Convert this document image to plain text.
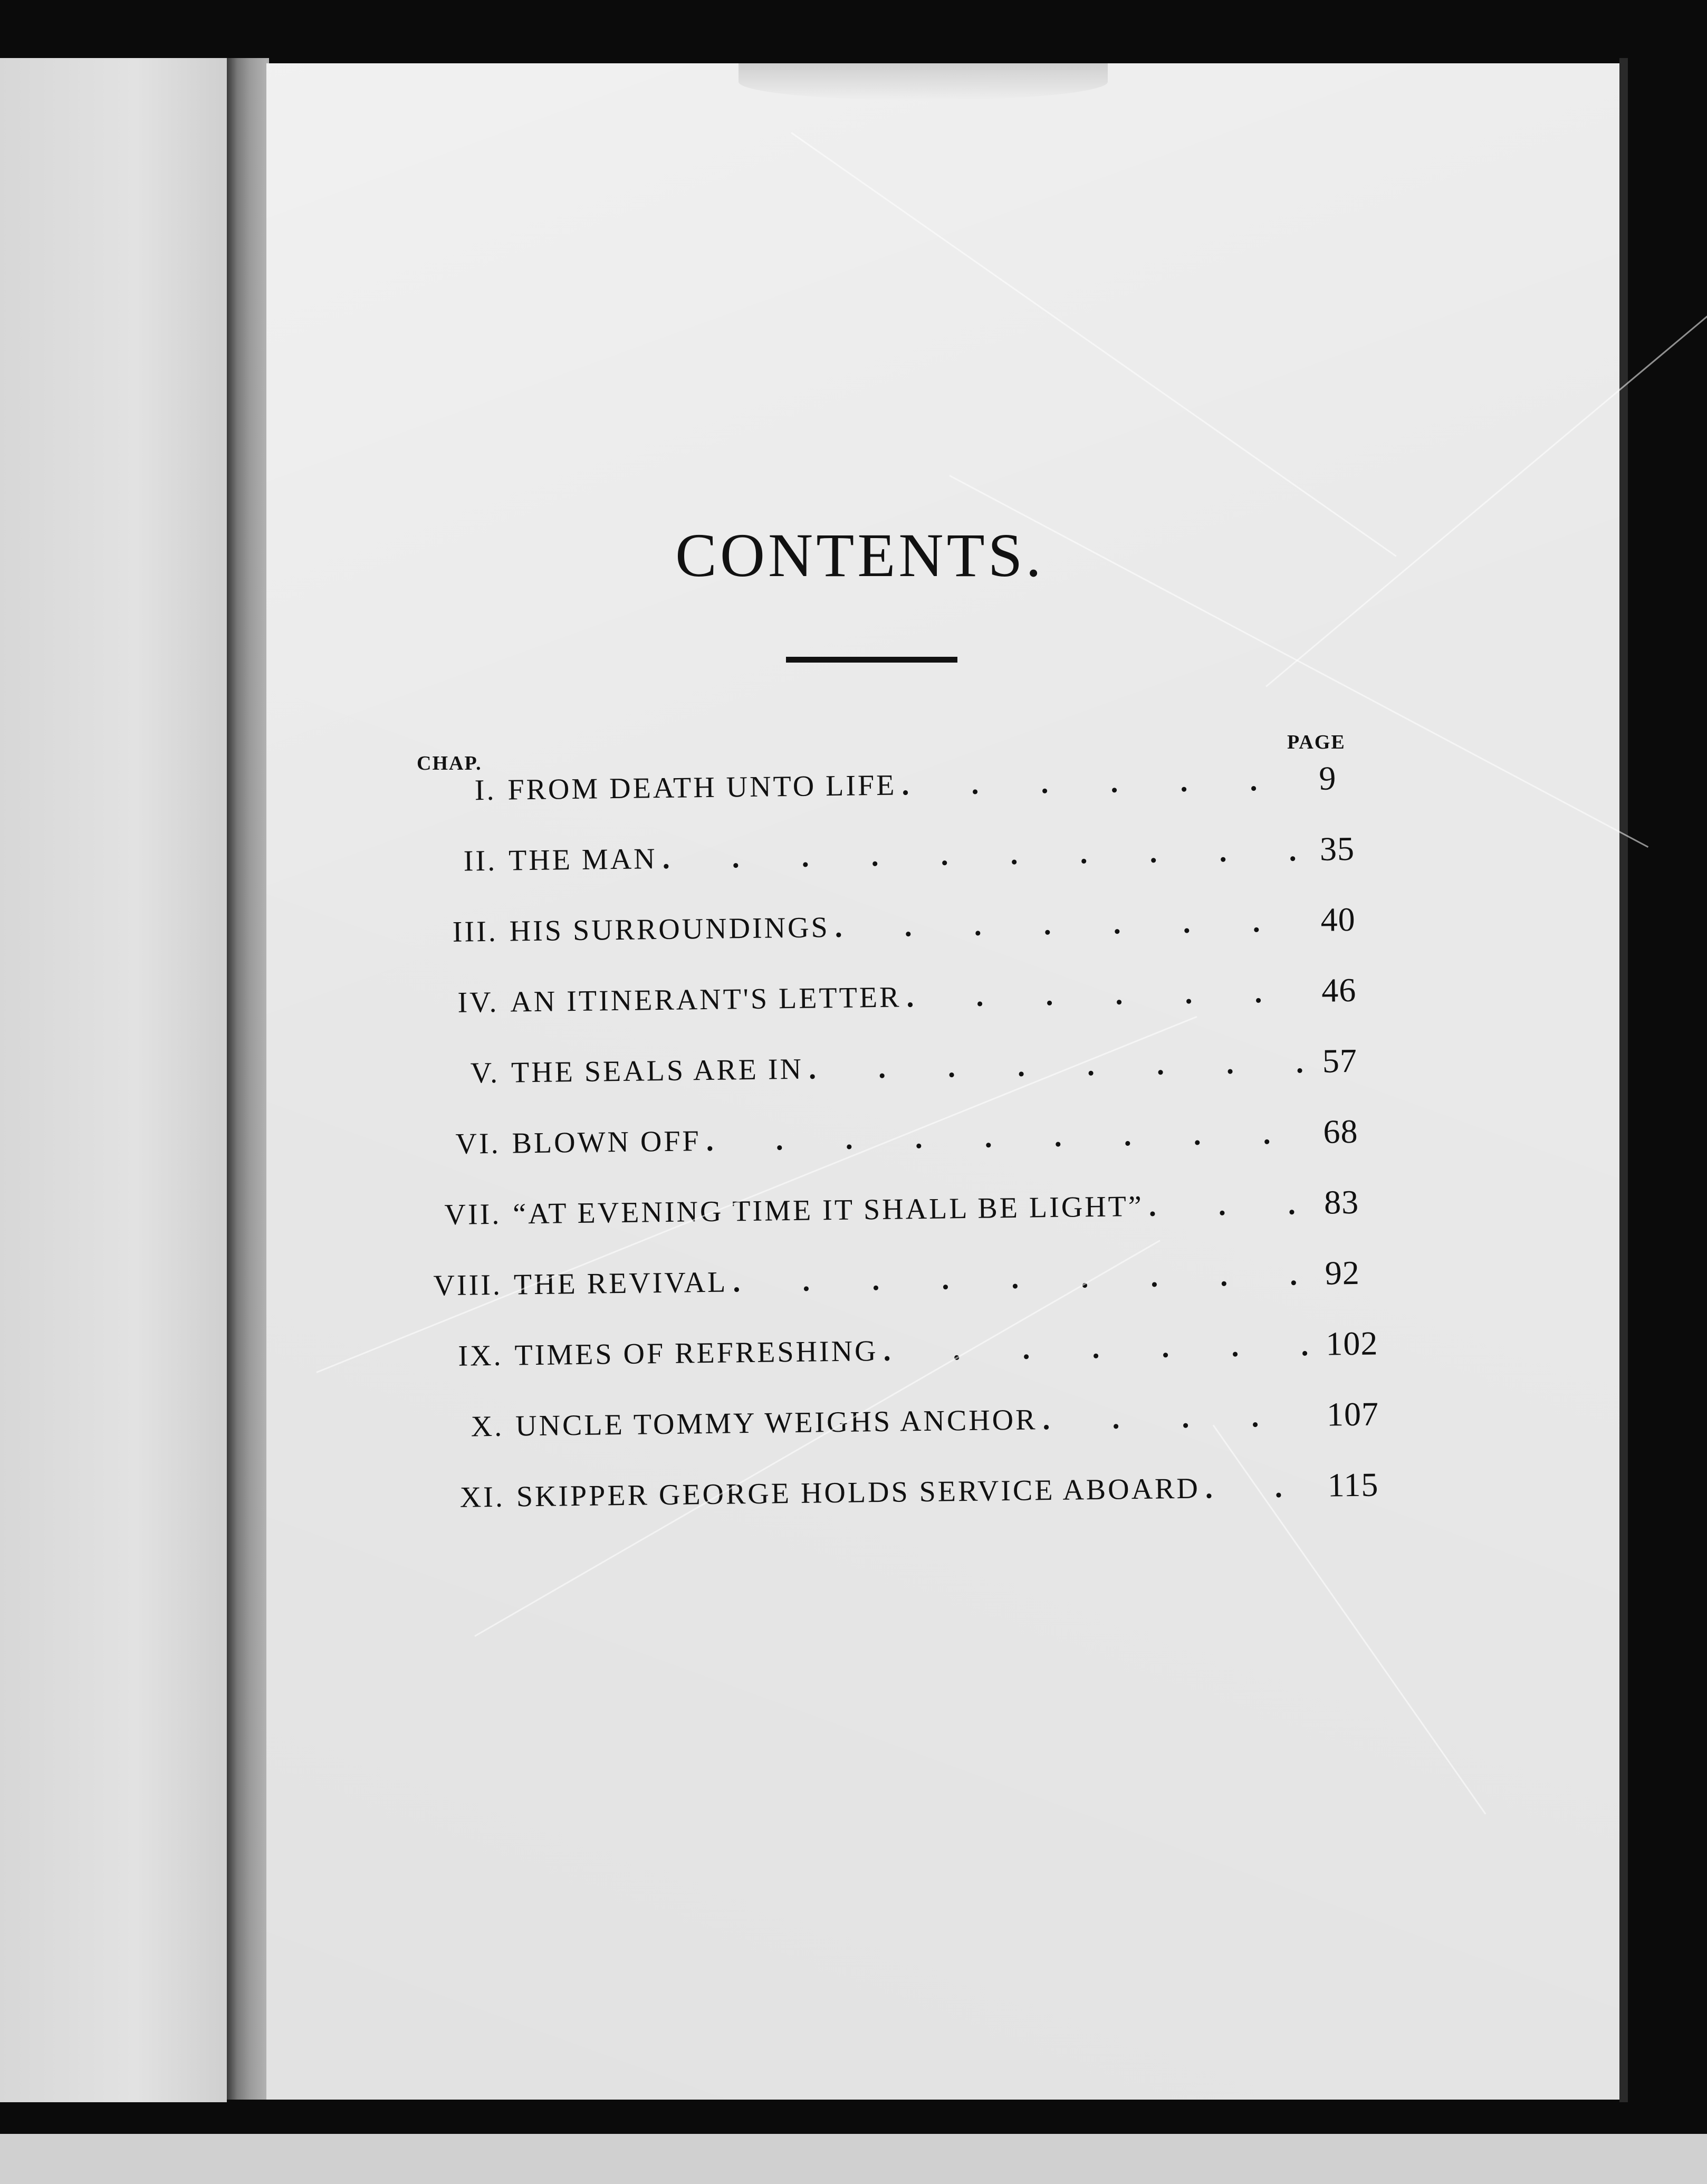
CONTENTS.
CHAP.
PAGE
I. FROM DEATH UNTO LIFE . . .	9
II. THE MAN . . .	35
III. HIS SURROUNDINGS . . .	40
IV. AN ITINERANT'S LETTER . . .	46
V. THE SEALS ARE IN . . .	57
VI. BLOWN OFF . . .	68
VII. “AT EVENING TIME IT SHALL BE LIGHT” . . .	83
VIII. THE REVIVAL . . .	92
IX. TIMES OF REFRESHING . . .	102
X. UNCLE TOMMY WEIGHS ANCHOR . . .	107
XI. SKIPPER GEORGE HOLDS SERVICE ABOARD . . .	115
